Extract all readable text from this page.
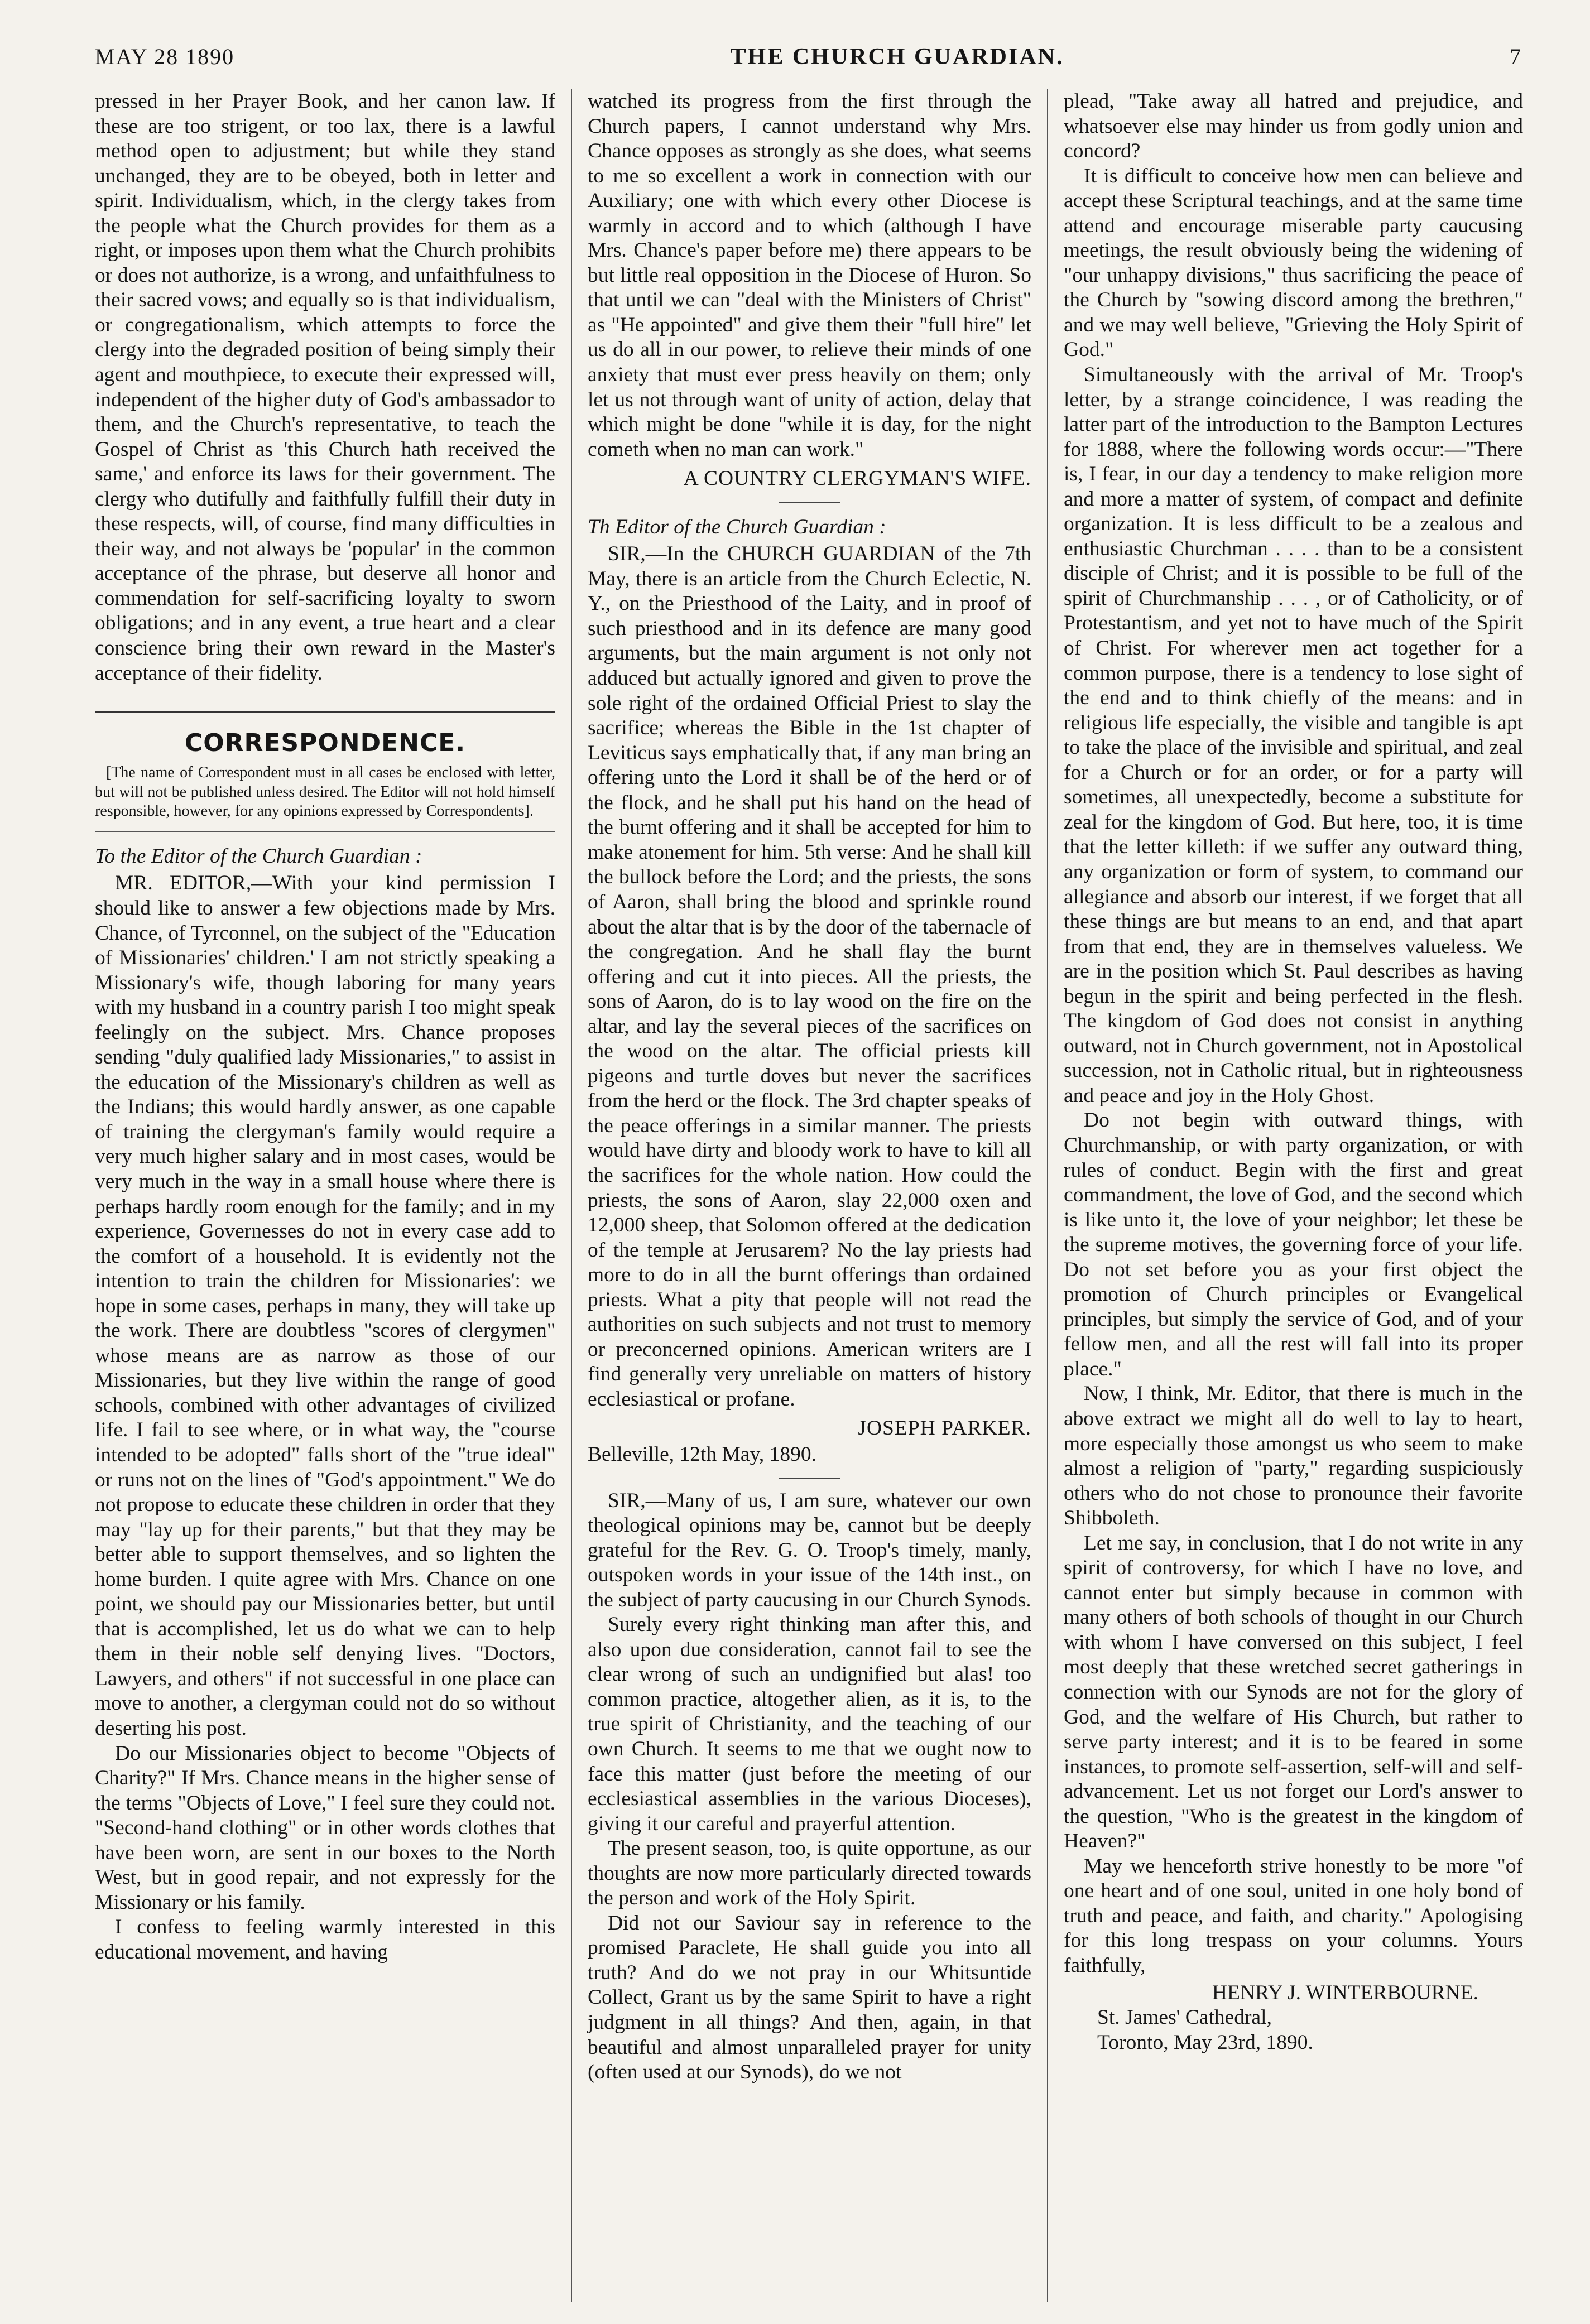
MAY 28 1890	THE CHURCH GUARDIAN.	7

pressed in her Prayer Book, and her canon law. If these are too strigent, or too lax, there is a lawful method open to adjustment; but while they stand unchanged, they are to be obeyed, both in letter and spirit. Individualism, which, in the clergy takes from the people what the Church provides for them as a right, or imposes upon them what the Church prohibits or does not authorize, is a wrong, and unfaithfulness to their sacred vows; and equally so is that individualism, or congregationalism, which attempts to force the clergy into the degraded position of being simply their agent and mouthpiece, to execute their expressed will, independent of the higher duty of God's ambassador to them, and the Church's representative, to teach the Gospel of Christ as 'this Church hath received the same,' and enforce its laws for their government. The clergy who dutifully and faithfully fulfill their duty in these respects, will, of course, find many difficulties in their way, and not always be 'popular' in the common acceptance of the phrase, but deserve all honor and commendation for self-sacrificing loyalty to sworn obligations; and in any event, a true heart and a clear conscience bring their own reward in the Master's acceptance of their fidelity.

CORRESPONDENCE.

[The name of Correspondent must in all cases be enclosed with letter, but will not be published unless desired. The Editor will not hold himself responsible, however, for any opinions expressed by Correspondents].

To the Editor of the Church Guardian :

MR. EDITOR,—With your kind permission I should like to answer a few objections made by Mrs. Chance, of Tyrconnel, on the subject of the "Education of Missionaries' children.' I am not strictly speaking a Missionary's wife, though laboring for many years with my husband in a country parish I too might speak feelingly on the subject. Mrs. Chance proposes sending "duly qualified lady Missionaries," to assist in the education of the Missionary's children as well as the Indians; this would hardly answer, as one capable of training the clergyman's family would require a very much higher salary and in most cases, would be very much in the way in a small house where there is perhaps hardly room enough for the family; and in my experience, Governesses do not in every case add to the comfort of a household. It is evidently not the intention to train the children for Missionaries': we hope in some cases, perhaps in many, they will take up the work. There are doubtless "scores of clergymen" whose means are as narrow as those of our Missionaries, but they live within the range of good schools, combined with other advantages of civilized life. I fail to see where, or in what way, the "course intended to be adopted" falls short of the "true ideal" or runs not on the lines of "God's appointment." We do not propose to educate these children in order that they may "lay up for their parents," but that they may be better able to support themselves, and so lighten the home burden. I quite agree with Mrs. Chance on one point, we should pay our Missionaries better, but until that is accomplished, let us do what we can to help them in their noble self denying lives. "Doctors, Lawyers, and others" if not successful in one place can move to another, a clergyman could not do so without deserting his post.

Do our Missionaries object to become "Objects of Charity?" If Mrs. Chance means in the higher sense of the terms "Objects of Love," I feel sure they could not. "Second-hand clothing" or in other words clothes that have been worn, are sent in our boxes to the North West, but in good repair, and not expressly for the Missionary or his family.

I confess to feeling warmly interested in this educational movement, and having

watched its progress from the first through the Church papers, I cannot understand why Mrs. Chance opposes as strongly as she does, what seems to me so excellent a work in connection with our Auxiliary; one with which every other Diocese is warmly in accord and to which (although I have Mrs. Chance's paper before me) there appears to be but little real opposition in the Diocese of Huron. So that until we can "deal with the Ministers of Christ" as "He appointed" and give them their "full hire" let us do all in our power, to relieve their minds of one anxiety that must ever press heavily on them; only let us not through want of unity of action, delay that which might be done "while it is day, for the night cometh when no man can work."

A COUNTRY CLERGYMAN'S WIFE.

Th Editor of the Church Guardian :

SIR,—In the CHURCH GUARDIAN of the 7th May, there is an article from the Church Eclectic, N. Y., on the Priesthood of the Laity, and in proof of such priesthood and in its defence are many good arguments, but the main argument is not only not adduced but actually ignored and given to prove the sole right of the ordained Official Priest to slay the sacrifice; whereas the Bible in the 1st chapter of Leviticus says emphatically that, if any man bring an offering unto the Lord it shall be of the herd or of the flock, and he shall put his hand on the head of the burnt offering and it shall be accepted for him to make atonement for him. 5th verse: And he shall kill the bullock before the Lord; and the priests, the sons of Aaron, shall bring the blood and sprinkle round about the altar that is by the door of the tabernacle of the congregation. And he shall flay the burnt offering and cut it into pieces. All the priests, the sons of Aaron, do is to lay wood on the fire on the altar, and lay the several pieces of the sacrifices on the wood on the altar. The official priests kill pigeons and turtle doves but never the sacrifices from the herd or the flock. The 3rd chapter speaks of the peace offerings in a similar manner. The priests would have dirty and bloody work to have to kill all the sacrifices for the whole nation. How could the priests, the sons of Aaron, slay 22,000 oxen and 12,000 sheep, that Solomon offered at the dedication of the temple at Jerusarem? No the lay priests had more to do in all the burnt offerings than ordained priests. What a pity that people will not read the authorities on such subjects and not trust to memory or preconcerned opinions. American writers are I find generally very unreliable on matters of history ecclesiastical or profane.

JOSEPH PARKER.

Belleville, 12th May, 1890.

SIR,—Many of us, I am sure, whatever our own theological opinions may be, cannot but be deeply grateful for the Rev. G. O. Troop's timely, manly, outspoken words in your issue of the 14th inst., on the subject of party caucusing in our Church Synods.

Surely every right thinking man after this, and also upon due consideration, cannot fail to see the clear wrong of such an undignified but alas! too common practice, altogether alien, as it is, to the true spirit of Christianity, and the teaching of our own Church. It seems to me that we ought now to face this matter (just before the meeting of our ecclesiastical assemblies in the various Dioceses), giving it our careful and prayerful attention.

The present season, too, is quite opportune, as our thoughts are now more particularly directed towards the person and work of the Holy Spirit.

Did not our Saviour say in reference to the promised Paraclete, He shall guide you into all truth? And do we not pray in our Whitsuntide Collect, Grant us by the same Spirit to have a right judgment in all things? And then, again, in that beautiful and almost unparalleled prayer for unity (often used at our Synods), do we not

plead, "Take away all hatred and prejudice, and whatsoever else may hinder us from godly union and concord?

It is difficult to conceive how men can believe and accept these Scriptural teachings, and at the same time attend and encourage miserable party caucusing meetings, the result obviously being the widening of "our unhappy divisions," thus sacrificing the peace of the Church by "sowing discord among the brethren," and we may well believe, "Grieving the Holy Spirit of God."

Simultaneously with the arrival of Mr. Troop's letter, by a strange coincidence, I was reading the latter part of the introduction to the Bampton Lectures for 1888, where the following words occur:—"There is, I fear, in our day a tendency to make religion more and more a matter of system, of compact and definite organization. It is less difficult to be a zealous and enthusiastic Churchman . . . . than to be a consistent disciple of Christ; and it is possible to be full of the spirit of Churchmanship . . . , or of Catholicity, or of Protestantism, and yet not to have much of the Spirit of Christ. For wherever men act together for a common purpose, there is a tendency to lose sight of the end and to think chiefly of the means: and in religious life especially, the visible and tangible is apt to take the place of the invisible and spiritual, and zeal for a Church or for an order, or for a party will sometimes, all unexpectedly, become a substitute for zeal for the kingdom of God. But here, too, it is time that the letter killeth: if we suffer any outward thing, any organization or form of system, to command our allegiance and absorb our interest, if we forget that all these things are but means to an end, and that apart from that end, they are in themselves valueless. We are in the position which St. Paul describes as having begun in the spirit and being perfected in the flesh. The kingdom of God does not consist in anything outward, not in Church government, not in Apostolical succession, not in Catholic ritual, but in righteousness and peace and joy in the Holy Ghost.

Do not begin with outward things, with Churchmanship, or with party organization, or with rules of conduct. Begin with the first and great commandment, the love of God, and the second which is like unto it, the love of your neighbor; let these be the supreme motives, the governing force of your life. Do not set before you as your first object the promotion of Church principles or Evangelical principles, but simply the service of God, and of your fellow men, and all the rest will fall into its proper place."

Now, I think, Mr. Editor, that there is much in the above extract we might all do well to lay to heart, more especially those amongst us who seem to make almost a religion of "party," regarding suspiciously others who do not chose to pronounce their favorite Shibboleth.

Let me say, in conclusion, that I do not write in any spirit of controversy, for which I have no love, and cannot enter but simply because in common with many others of both schools of thought in our Church with whom I have conversed on this subject, I feel most deeply that these wretched secret gatherings in connection with our Synods are not for the glory of God, and the welfare of His Church, but rather to serve party interest; and it is to be feared in some instances, to promote self-assertion, self-will and self-advancement. Let us not forget our Lord's answer to the question, "Who is the greatest in the kingdom of Heaven?"

May we henceforth strive honestly to be more "of one heart and of one soul, united in one holy bond of truth and peace, and faith, and charity." Apologising for this long trespass on your columns. Yours faithfully,

HENRY J. WINTERBOURNE.

St. James' Cathedral,

Toronto, May 23rd, 1890.
